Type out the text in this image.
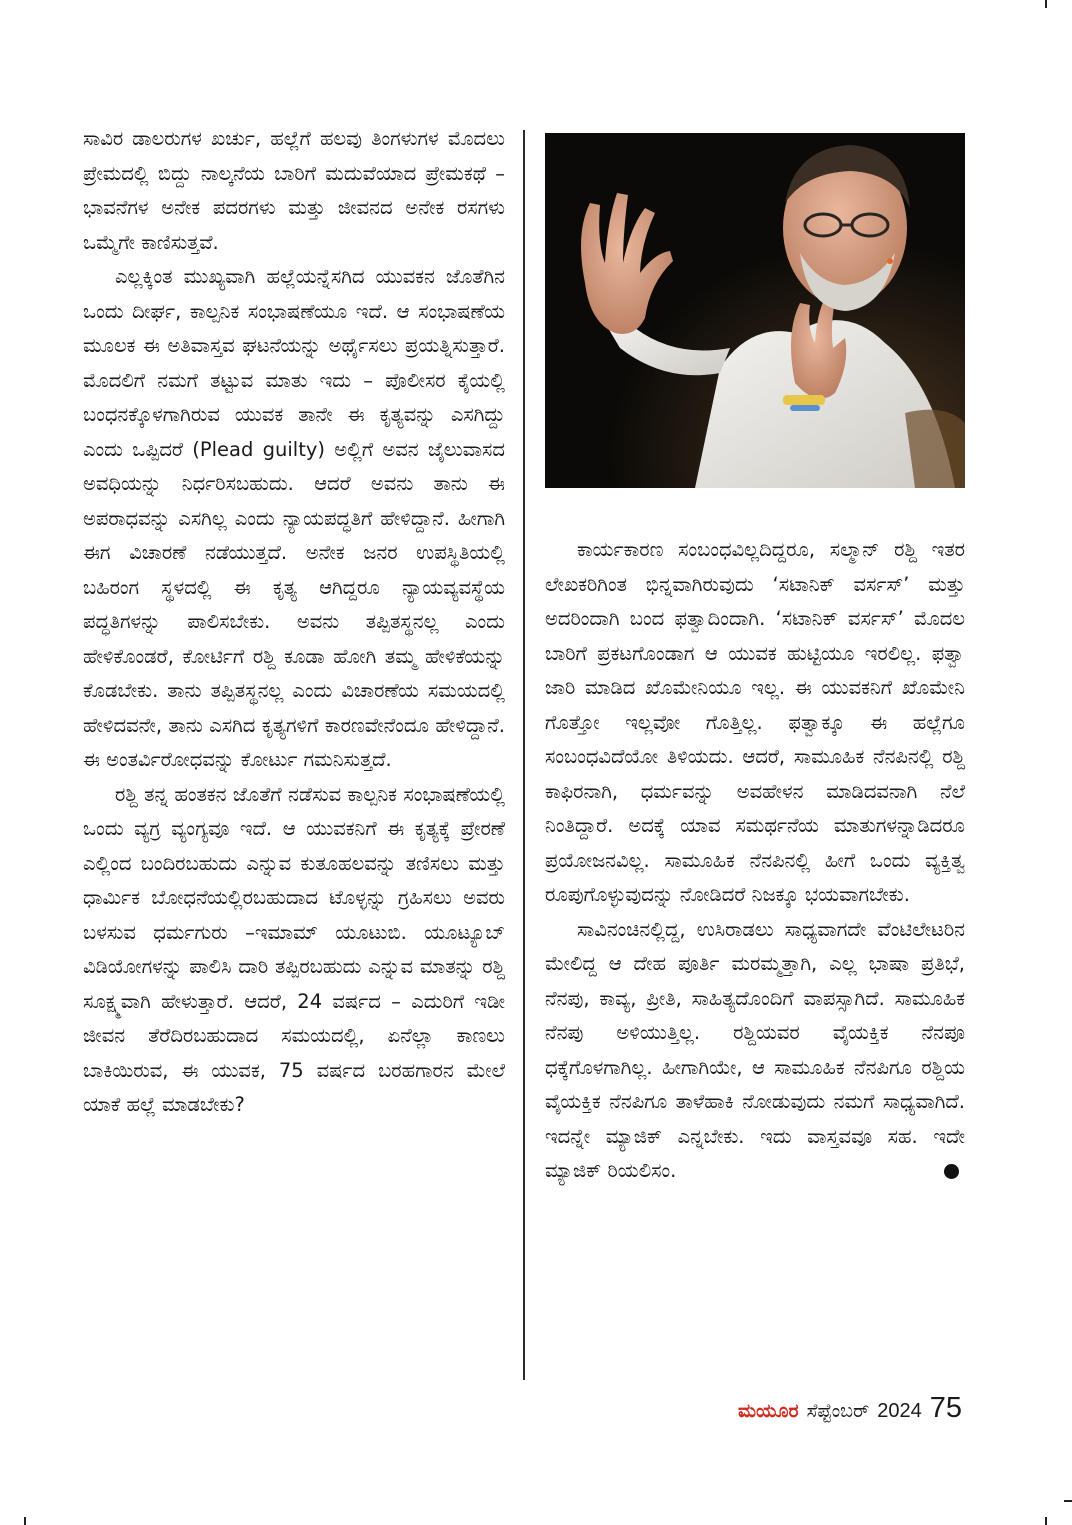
ಸಾವಿರ ಡಾಲರುಗಳ ಖರ್ಚು, ಹಲ್ಲೆಗೆ ಹಲವು ತಿಂಗಳುಗಳ ಮೊದಲು ಪ್ರೇಮದಲ್ಲಿ ಬಿದ್ದು ನಾಲ್ಕನೆಯ ಬಾರಿಗೆ ಮದುವೆಯಾದ ಪ್ರೇಮಕಥೆ – ಭಾವನೆಗಳ ಅನೇಕ ಪದರಗಳು ಮತ್ತು ಜೀವನದ ಅನೇಕ ರಸಗಳು ಒಮ್ಮೆಗೇ ಕಾಣಿಸುತ್ತವೆ.

ಎಲ್ಲಕ್ಕಿಂತ ಮುಖ್ಯವಾಗಿ ಹಲ್ಲೆಯನ್ನೆಸಗಿದ ಯುವಕನ ಜೊತೆಗಿನ ಒಂದು ದೀರ್ಘ, ಕಾಲ್ಪನಿಕ ಸಂಭಾಷಣೆಯೂ ಇದೆ. ಆ ಸಂಭಾಷಣೆಯ ಮೂಲಕ ಈ ಅತಿವಾಸ್ತವ ಘಟನೆಯನ್ನು ಅರ್ಥೈಸಲು ಪ್ರಯತ್ನಿಸುತ್ತಾರೆ. ಮೊದಲಿಗೆ ನಮಗೆ ತಟ್ಟುವ ಮಾತು ಇದು – ಪೊಲೀಸರ ಕೈಯಲ್ಲಿ ಬಂಧನಕ್ಕೊಳಗಾಗಿರುವ ಯುವಕ ತಾನೇ ಈ ಕೃತ್ಯವನ್ನು ಎಸಗಿದ್ದು ಎಂದು ಒಪ್ಪಿದರೆ (Plead guilty) ಅಲ್ಲಿಗೆ ಅವನ ಜೈಲುವಾಸದ ಅವಧಿಯನ್ನು ನಿರ್ಧರಿಸಬಹುದು. ಆದರೆ ಅವನು ತಾನು ಈ ಅಪರಾಧವನ್ನು ಎಸಗಿಲ್ಲ ಎಂದು ನ್ಯಾಯಪದ್ಧತಿಗೆ ಹೇಳಿದ್ದಾನೆ. ಹೀಗಾಗಿ ಈಗ ವಿಚಾರಣೆ ನಡೆಯುತ್ತದೆ. ಅನೇಕ ಜನರ ಉಪಸ್ಥಿತಿಯಲ್ಲಿ ಬಹಿರಂಗ ಸ್ಥಳದಲ್ಲಿ ಈ ಕೃತ್ಯ ಆಗಿದ್ದರೂ ನ್ಯಾಯವ್ಯವಸ್ಥೆಯ ಪದ್ಧತಿಗಳನ್ನು ಪಾಲಿಸಬೇಕು. ಅವನು ತಪ್ಪಿತಸ್ಥನಲ್ಲ ಎಂದು ಹೇಳಿಕೊಂಡರೆ, ಕೋರ್ಟಿಗೆ ರಶ್ದಿ ಕೂಡಾ ಹೋಗಿ ತಮ್ಮ ಹೇಳಿಕೆಯನ್ನು ಕೊಡಬೇಕು. ತಾನು ತಪ್ಪಿತಸ್ಥನಲ್ಲ ಎಂದು ವಿಚಾರಣೆಯ ಸಮಯದಲ್ಲಿ ಹೇಳಿದವನೇ, ತಾನು ಎಸಗಿದ ಕೃತ್ಯಗಳಿಗೆ ಕಾರಣವೇನೆಂದೂ ಹೇಳಿದ್ದಾನೆ. ಈ ಅಂತರ್ವಿರೋಧವನ್ನು ಕೋರ್ಟು ಗಮನಿಸುತ್ತದೆ.

ರಶ್ದಿ ತನ್ನ ಹಂತಕನ ಜೊತೆಗೆ ನಡೆಸುವ ಕಾಲ್ಪನಿಕ ಸಂಭಾಷಣೆಯಲ್ಲಿ ಒಂದು ವ್ಯಗ್ರ ವ್ಯಂಗ್ಯವೂ ಇದೆ. ಆ ಯುವಕನಿಗೆ ಈ ಕೃತ್ಯಕ್ಕೆ ಪ್ರೇರಣೆ ಎಲ್ಲಿಂದ ಬಂದಿರಬಹುದು ಎನ್ನುವ ಕುತೂಹಲವನ್ನು ತಣಿಸಲು ಮತ್ತು ಧಾರ್ಮಿಕ ಬೋಧನೆಯಲ್ಲಿರಬಹುದಾದ ಟೊಳ್ಳನ್ನು ಗ್ರಹಿಸಲು ಅವರು ಬಳಸುವ ಧರ್ಮಗುರು –ಇಮಾಮ್ ಯೂಟುಬಿ. ಯೂಟ್ಯೂಬ್ ವಿಡಿಯೋಗಳನ್ನು ಪಾಲಿಸಿ ದಾರಿ ತಪ್ಪಿರಬಹುದು ಎನ್ನುವ ಮಾತನ್ನು ರಶ್ದಿ ಸೂಕ್ಷ್ಮವಾಗಿ ಹೇಳುತ್ತಾರೆ. ಆದರೆ, 24 ವರ್ಷದ – ಎದುರಿಗೆ ಇಡೀ ಜೀವನ ತೆರೆದಿರಬಹುದಾದ ಸಮಯದಲ್ಲಿ, ಏನೆಲ್ಲಾ ಕಾಣಲು ಬಾಕಿಯಿರುವ, ಈ ಯುವಕ, 75 ವರ್ಷದ ಬರಹಗಾರನ ಮೇಲೆ ಯಾಕೆ ಹಲ್ಲೆ ಮಾಡಬೇಕು?

ಕಾರ್ಯಕಾರಣ ಸಂಬಂಧವಿಲ್ಲದಿದ್ದರೂ, ಸಲ್ಮಾನ್ ರಶ್ದಿ ಇತರ ಲೇಖಕರಿಗಿಂತ ಭಿನ್ನವಾಗಿರುವುದು ‘ಸಟಾನಿಕ್ ವರ್ಸಸ್’ ಮತ್ತು ಅದರಿಂದಾಗಿ ಬಂದ ಫತ್ವಾದಿಂದಾಗಿ. ‘ಸಟಾನಿಕ್ ವರ್ಸಸ್’ ಮೊದಲ ಬಾರಿಗೆ ಪ್ರಕಟಗೊಂಡಾಗ ಆ ಯುವಕ ಹುಟ್ಟಿಯೂ ಇರಲಿಲ್ಲ. ಫತ್ವಾ ಜಾರಿ ಮಾಡಿದ ಖೊಮೇನಿಯೂ ಇಲ್ಲ. ಈ ಯುವಕನಿಗೆ ಖೊಮೇನಿ ಗೊತ್ತೋ ಇಲ್ಲವೋ ಗೊತ್ತಿಲ್ಲ. ಫತ್ವಾಕ್ಕೂ ಈ ಹಲ್ಲೆಗೂ ಸಂಬಂಧವಿದೆಯೋ ತಿಳಿಯದು. ಆದರೆ, ಸಾಮೂಹಿಕ ನೆನಪಿನಲ್ಲಿ ರಶ್ದಿ ಕಾಫಿರನಾಗಿ, ಧರ್ಮವನ್ನು ಅವಹೇಳನ ಮಾಡಿದವನಾಗಿ ನೆಲೆ ನಿಂತಿದ್ದಾರೆ. ಅದಕ್ಕೆ ಯಾವ ಸಮರ್ಥನೆಯ ಮಾತುಗಳನ್ನಾಡಿದರೂ ಪ್ರಯೋಜನವಿಲ್ಲ. ಸಾಮೂಹಿಕ ನೆನಪಿನಲ್ಲಿ ಹೀಗೆ ಒಂದು ವ್ಯಕ್ತಿತ್ವ ರೂಪುಗೊಳ್ಳುವುದನ್ನು ನೋಡಿದರೆ ನಿಜಕ್ಕೂ ಭಯವಾಗಬೇಕು.

ಸಾವಿನಂಚಿನಲ್ಲಿದ್ದ, ಉಸಿರಾಡಲು ಸಾಧ್ಯವಾಗದೇ ವೆಂಟಿಲೇಟರಿನ ಮೇಲಿದ್ದ ಆ ದೇಹ ಪೂರ್ತಿ ಮರಮ್ಮತ್ತಾಗಿ, ಎಲ್ಲ ಭಾಷಾ ಪ್ರತಿಭೆ, ನೆನಪು, ಕಾವ್ಯ, ಪ್ರೀತಿ, ಸಾಹಿತ್ಯದೊಂದಿಗೆ ವಾಪಸ್ಸಾಗಿದೆ. ಸಾಮೂಹಿಕ ನೆನಪು ಅಳಿಯುತ್ತಿಲ್ಲ. ರಶ್ದಿಯವರ ವೈಯಕ್ತಿಕ ನೆನಪೂ ಧಕ್ಕೆಗೊಳಗಾಗಿಲ್ಲ. ಹೀಗಾಗಿಯೇ, ಆ ಸಾಮೂಹಿಕ ನೆನಪಿಗೂ ರಶ್ದಿಯ ವೈಯಕ್ತಿಕ ನೆನಪಿಗೂ ತಾಳೆಹಾಕಿ ನೋಡುವುದು ನಮಗೆ ಸಾಧ್ಯವಾಗಿದೆ. ಇದನ್ನೇ ಮ್ಯಾಜಿಕ್ ಎನ್ನಬೇಕು. ಇದು ವಾಸ್ತವವೂ ಸಹ. ಇದೇ ಮ್ಯಾಜಿಕ್ ರಿಯಲಿಸಂ.

ಮಯೂರ ಸೆಪ್ಟೆಂಬರ್ 2024 75
